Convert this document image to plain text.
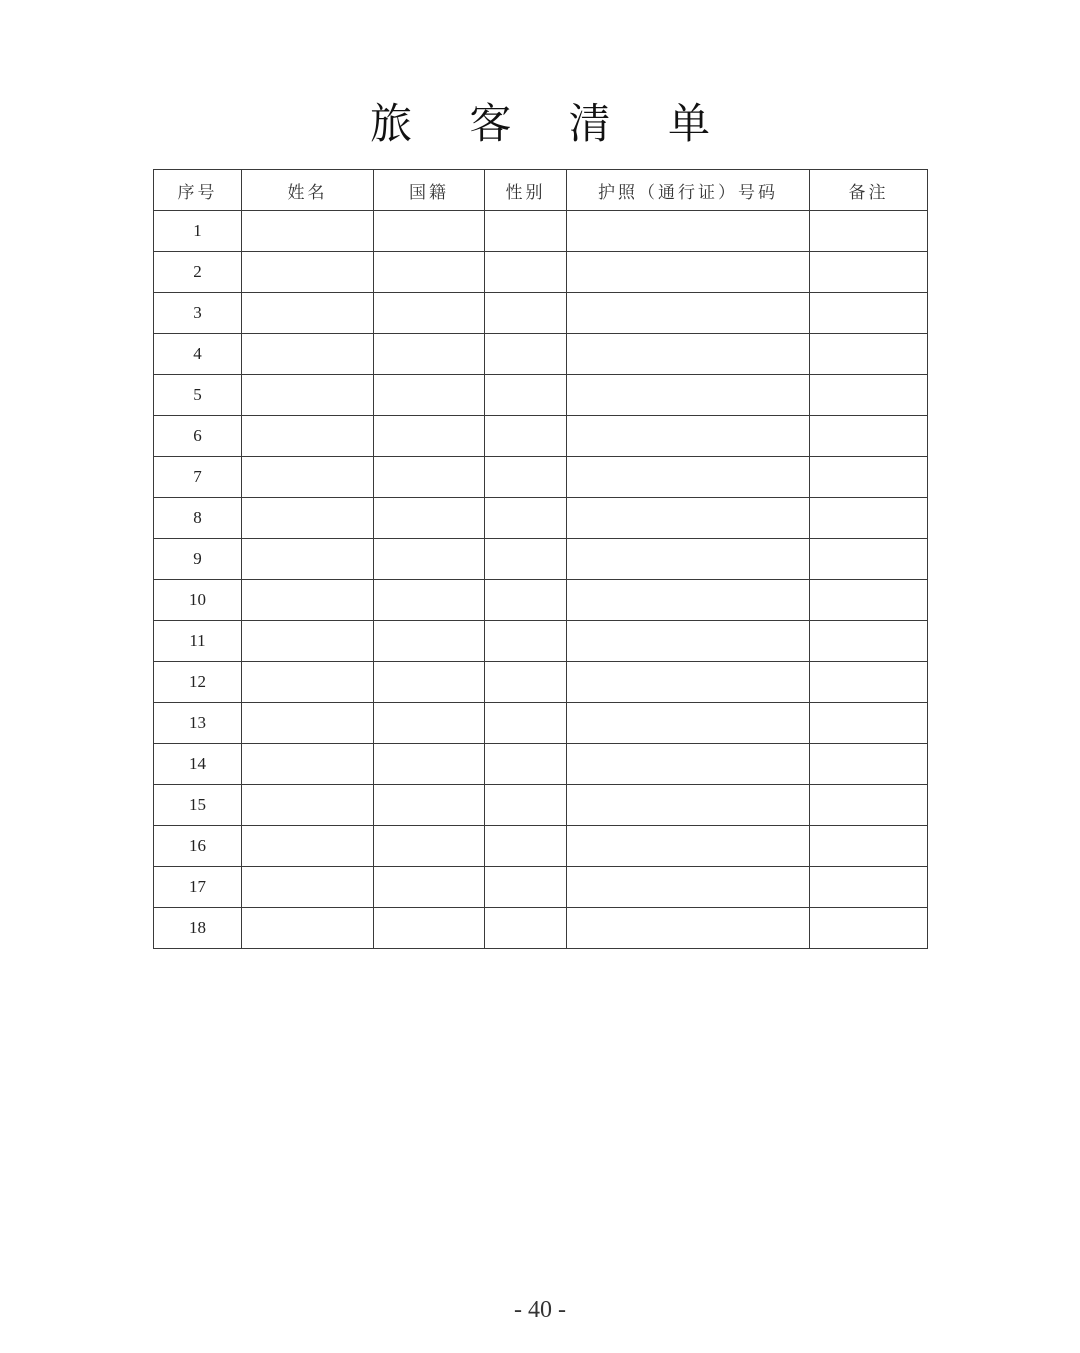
旅 客 清 单
序号	姓名	国籍	性别	护照（通行证）号码	备注
1					
2					
3					
4					
5					
6					
7					
8					
9					
10					
11					
12					
13					
14					
15					
16					
17					
18					
- 40 -
